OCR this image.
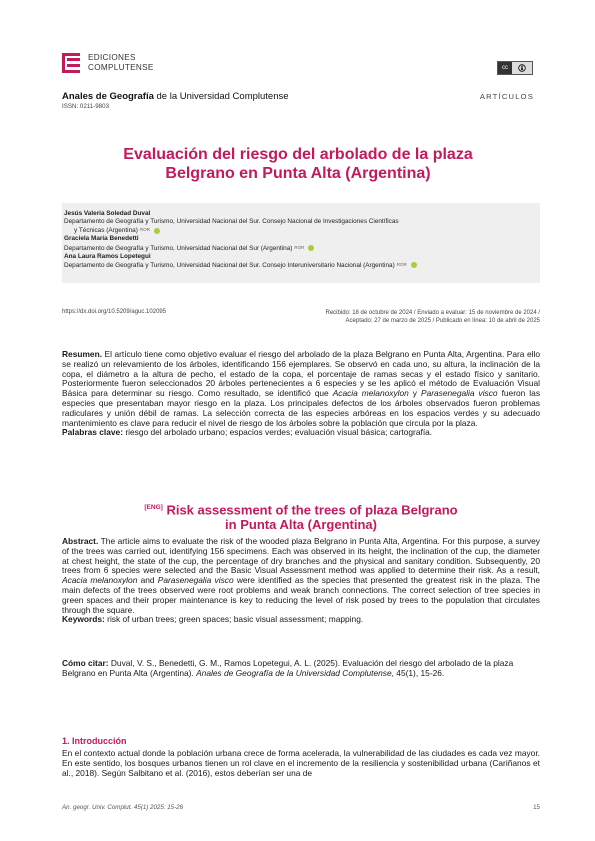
EDICIONES
COMPLUTENSE	cc
Anales de Geografía de la Universidad Complutense
ISSN: 0211-9803
ARTÍCULOS
Evaluación del riesgo del arbolado de la plaza
Belgrano en Punta Alta (Argentina)
Jesús Valeria Soledad Duval
Departamento de Geografía y Turismo, Universidad Nacional del Sur. Consejo Nacional de Investigaciones Científicas
y Técnicas (Argentina) ROR
Graciela María Benedetti
Departamento de Geografía y Turismo, Universidad Nacional del Sur (Argentina) ROR
Ana Laura Ramos Lopetegui
Departamento de Geografía y Turismo, Universidad Nacional del Sur. Consejo Interuniversitario Nacional (Argentina) ROR
https://dx.doi.org/10.5209/aguc.102095	Recibido: 18 de octubre de 2024 / Enviado a evaluar: 15 de noviembre de 2024 /
Aceptado: 27 de marzo de 2025 / Publicado en línea: 10 de abril de 2025
Resumen. El artículo tiene como objetivo evaluar el riesgo del arbolado de la plaza Belgrano en Punta Alta, Argentina. Para ello se realizó un relevamiento de los árboles, identificando 156 ejemplares. Se observó en cada uno, su altura, la inclinación de la copa, el diámetro a la altura de pecho, el estado de la copa, el porcentaje de ramas secas y el estado físico y sanitario. Posteriormente fueron seleccionados 20 árboles pertenecientes a 6 especies y se les aplicó el método de Evaluación Visual Básica para determinar su riesgo. Como resultado, se identificó que Acacia melanoxylon y Parasenegalia visco fueron las especies que presentaban mayor riesgo en la plaza. Los principales defectos de los árboles observados fueron problemas radiculares y unión débil de ramas. La selección correcta de las especies arbóreas en los espacios verdes y su adecuado mantenimiento es clave para reducir el nivel de riesgo de los árboles sobre la población que circula por la plaza.
Palabras clave: riesgo del arbolado urbano; espacios verdes; evaluación visual básica; cartografía.
[ENG] Risk assessment of the trees of plaza Belgrano
in Punta Alta (Argentina)
Abstract. The article aims to evaluate the risk of the wooded plaza Belgrano in Punta Alta, Argentina. For this purpose, a survey of the trees was carried out, identifying 156 specimens. Each was observed in its height, the inclination of the cup, the diameter at chest height, the state of the cup, the percentage of dry branches and the physical and sanitary condition. Subsequently, 20 trees from 6 species were selected and the Basic Visual Assessment method was applied to determine their risk. As a result, Acacia melanoxylon and Parasenegalia visco were identified as the species that presented the greatest risk in the plaza. The main defects of the trees observed were root problems and weak branch connections. The correct selection of tree species in green spaces and their proper maintenance is key to reducing the level of risk posed by trees to the population that circulates through the square.
Keywords: risk of urban trees; green spaces; basic visual assessment; mapping.
Cómo citar: Duval, V. S., Benedetti, G. M., Ramos Lopetegui, A. L. (2025). Evaluación del riesgo del arbolado de la plaza Belgrano en Punta Alta (Argentina). Anales de Geografía de la Universidad Complutense, 45(1), 15-26.
1. Introducción
En el contexto actual donde la población urbana crece de forma acelerada, la vulnerabilidad de las ciudades es cada vez mayor. En este sentido, los bosques urbanos tienen un rol clave en el incremento de la resiliencia y sostenibilidad urbana (Cariñanos et al., 2018). Según Salbitano et al. (2016), estos deberían ser una de
An. geogr. Univ. Complut. 45(1) 2025: 15-26	15
